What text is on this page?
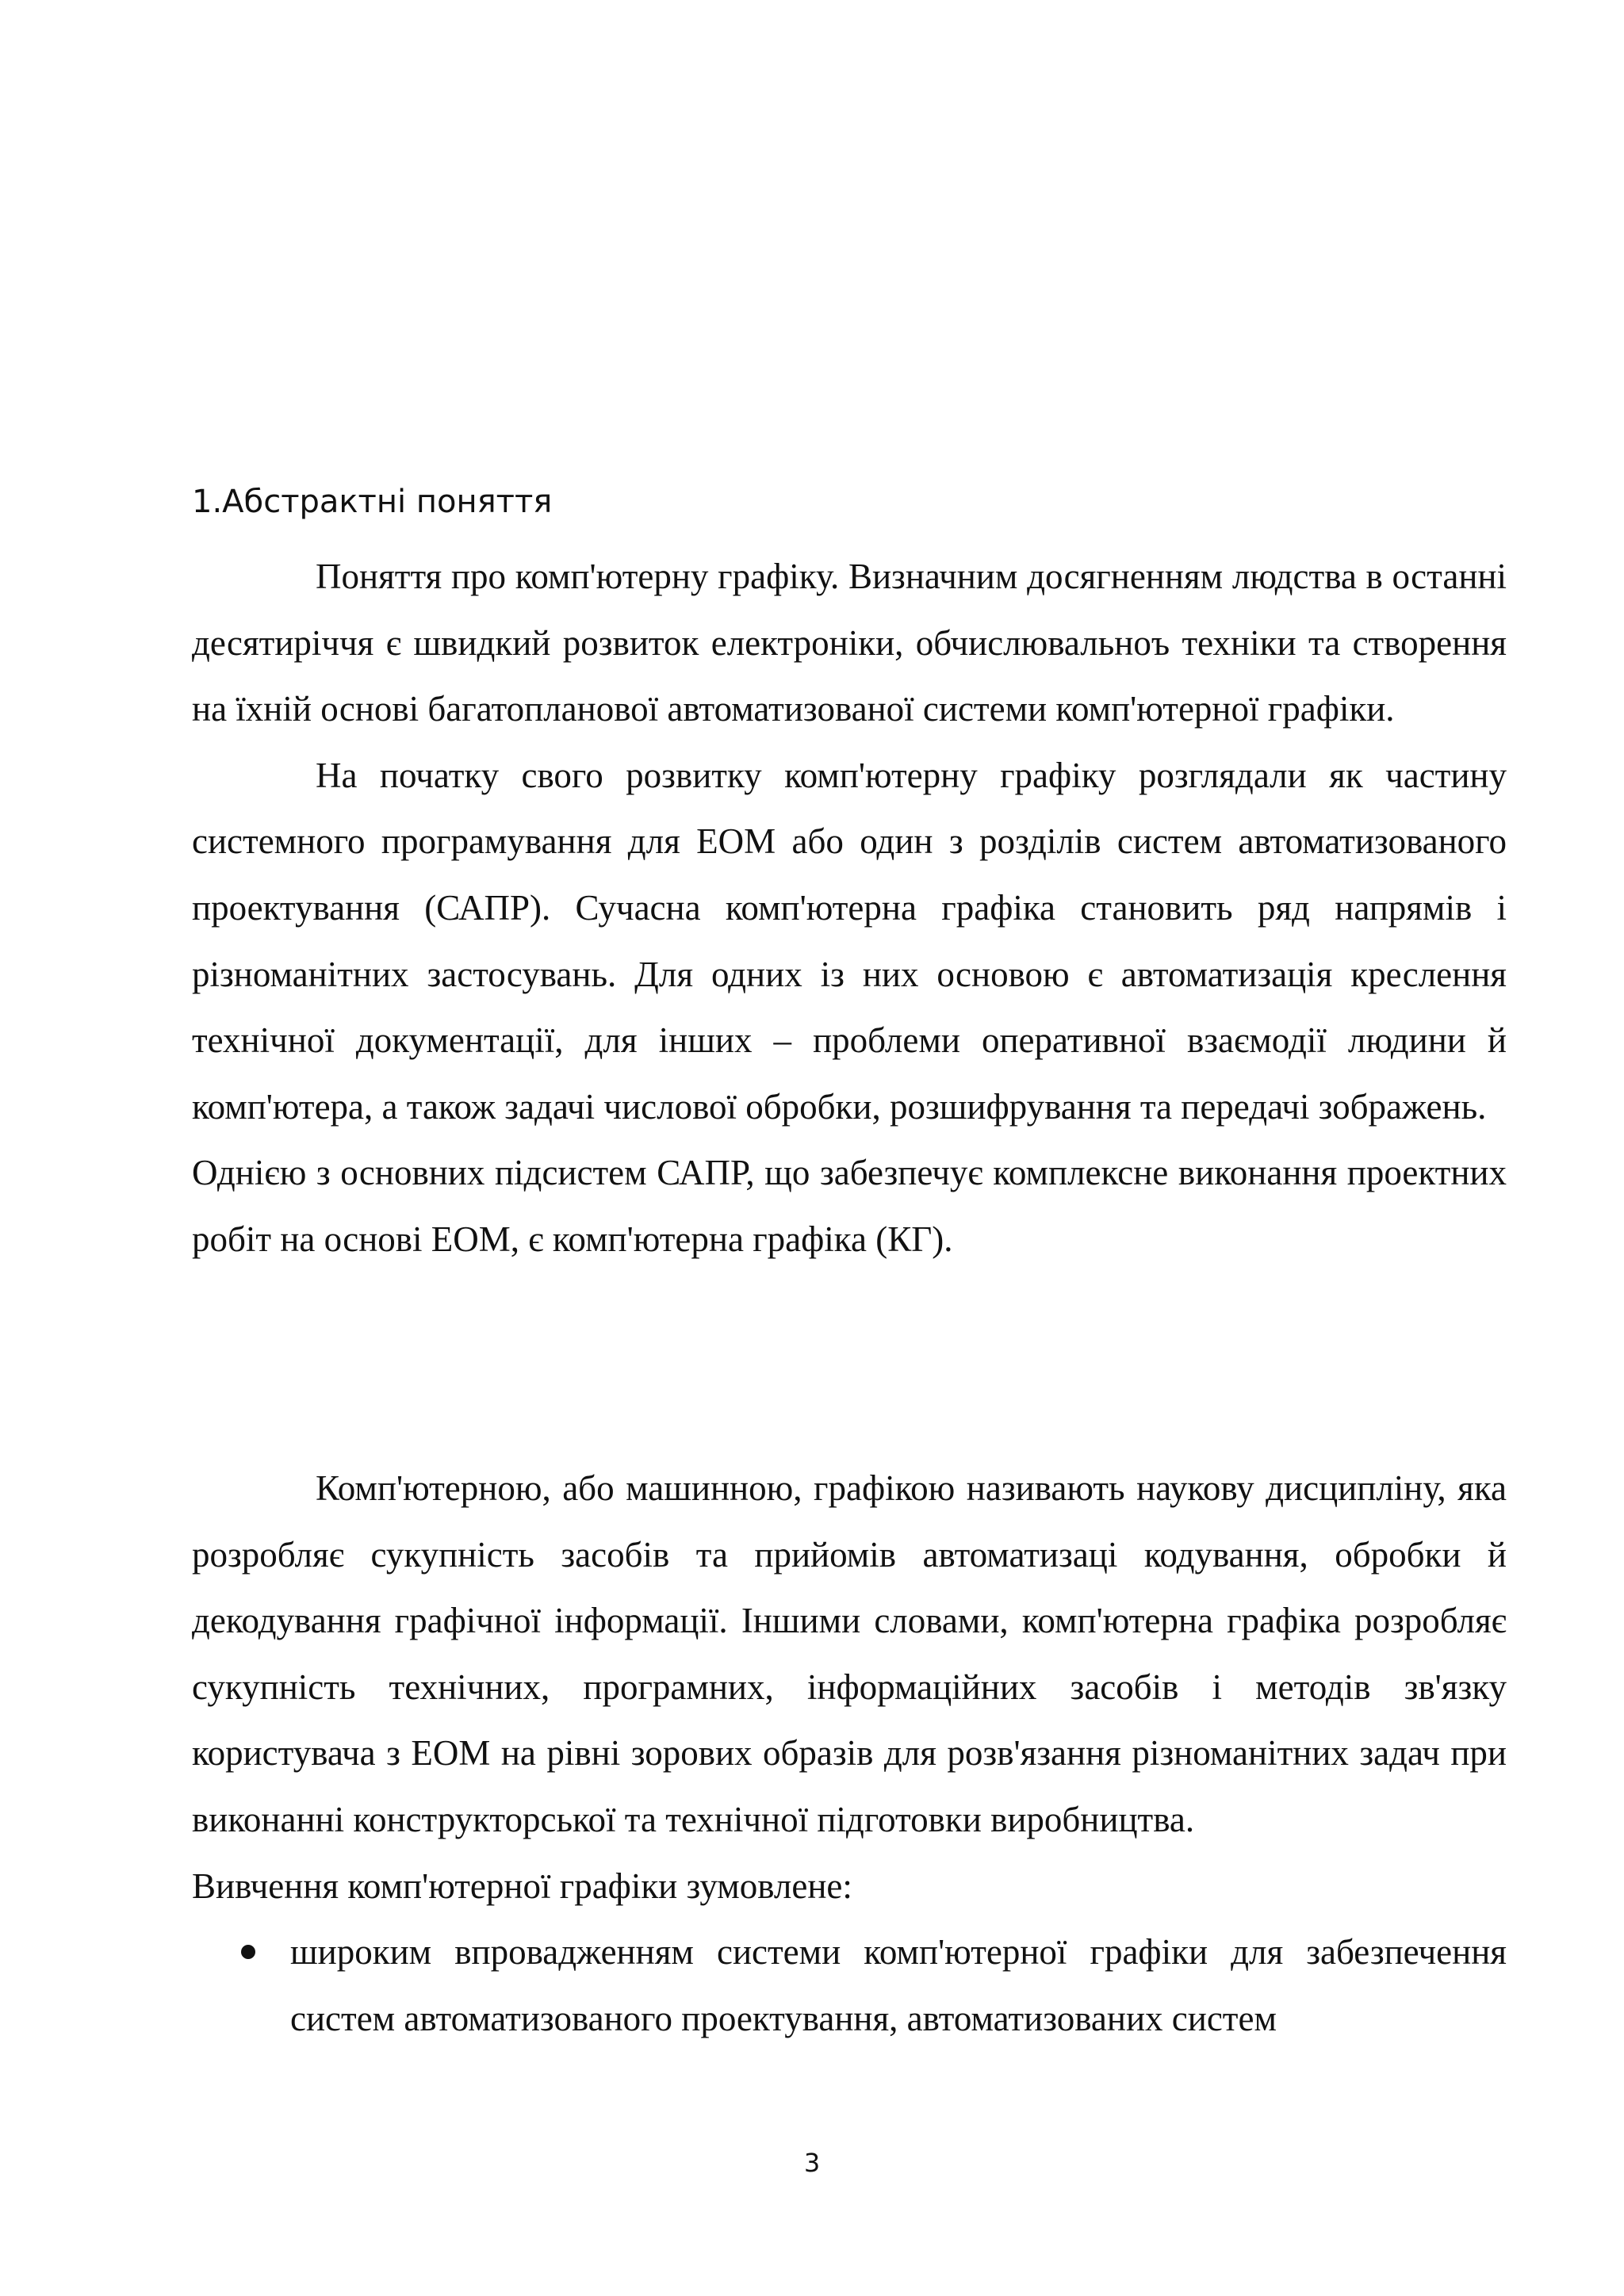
1.Абстрактні поняття

Поняття про комп'ютерну графіку. Визначним досягненням людства в останні десятиріччя є швидкий розвиток електроніки, обчислювальноъ техніки та створення на їхній основі багатопланової автоматизованої системи комп'ютерної графіки.

На початку свого розвитку комп'ютерну графіку розглядали як частину системного програмування для ЕОМ або один з розділів систем автоматизованого проектування (САПР). Сучасна комп'ютерна графіка становить ряд напрямів і різноманітних застосувань. Для одних із них основою є автоматизація креслення технічної документації, для інших – проблеми оперативної взаємодії людини й комп'ютера, а також задачі числової обробки, розшифрування та передачі зображень.

Однією з основних підсистем САПР, що забезпечує комплексне виконання проектних робіт на основі ЕОМ, є комп'ютерна графіка (КГ).

Комп'ютерною, або машинною, графікою називають наукову дисципліну, яка розробляє сукупність засобів та прийомів автоматизаці кодування, обробки й декодування графічної інформації. Іншими словами, комп'ютерна графіка розробляє сукупність технічних, програмних, інформаційних засобів і методів зв'язку користувача з ЕОМ на рівні зорових образів для розв'язання різноманітних задач при виконанні конструкторської та технічної підготовки виробництва.

Вивчення комп'ютерної графіки зумовлене:

широким впровадженням системи комп'ютерної графіки для забезпечення систем автоматизованого проектування, автоматизованих систем
3
